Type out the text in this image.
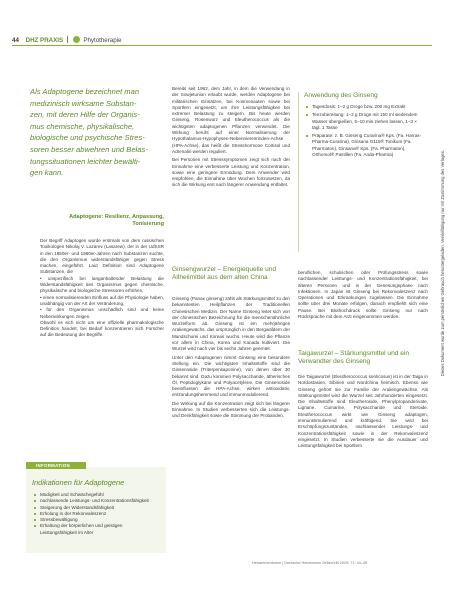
44 DHZ PRAXIS	Phytotherapie

Als Adaptogene bezeichnet man

medizinisch wirksame Substan-

zen, mit deren Hilfe der Organis-

mus chemische, physikalische,

biologische und psychische Stres-

soren besser abwehren und Belas-

tungssituationen leichter bewälti-

gen kann.

Adaptogene: Resilienz, Anpassung, Tonisierung

Der Begriff Adaptogen wurde erstmals von dem russischen Toxikologen Nikolaj V. Lazarev (Lasarew), der in der UdSSR in den 1950er- und 1960er-Jahren nach Substanzen suchte, die den Organismus widerstandsfähiger gegen Stress machen, eingeführt. Laut Definition sind Adaptogene Substanzen, die

• unspezifisch bei langanhaltender Belastung die Widerstandsfähigkeit des Organismus gegen chemische, physikalische und biologische Stressoren erhöhen,

• einen normalisierenden Einfluss auf die Physiologie haben, unabhängig von der Art der Veränderung,

• für den Organismus unschädlich sind und keine Nebenwirkungen zeigen.

Obwohl es sich nicht um eine offizielle pharmakologische Definition handelt, bei Bedarf konzentrieren sich Forscher auf die Bedeutung der Begriffe.

INFORMATION
Indikationen für Adaptogene
Müdigkeit und Schwächegefühl
nachlassende Leistungs- und Konzentrationsfähigkeit
Steigerung der Widerstandsfähigkeit
Erholung in der Rekonvaleszenz
Stressbewältigung
Erhaltung der körperlichen und geistigen Leistungsfähigkeit im Alter

Bereits seit 1962, dem Jahr, in dem die Verwendung in der Sowjetunion erlaubt wurde, werden Adaptogene bei militärischen Einsätzen, bei Kosmonauten sowie bei Sportlern eingesetzt, um ihre Leistungsfähigkeit bei extremer Belastung zu steigern. Bis heute werden Ginseng, Rosenwurz und Eleutherococcus als die wichtigsten adaptogenen Pflanzen verwendet. Die Wirkung beruht auf einer Normalisierung der Hypothalamus-Hypophysen-Nebennierenrinden-Achse (HPA-Achse), das heißt die Stresshormone Cortisol und Adrenalin werden reguliert.

Bei Personen mit Stresssymptomen zeigt sich nach der Einnahme eine verbesserte Leistung und Konzentration, sowie eine geringere Ermüdung. Dem Anwender wird empfohlen, die Einnahme über Wochen fortzusetzen, da sich die Wirkung erst nach längerer Anwendung entfaltet.

Ginsengwurzel – Energiequelle und Allheilmittel aus dem alten China

Ginseng (Panax ginseng) zählt als Stärkungsmittel zu den bekanntesten Heilpflanzen der Traditionellen Chinesischen Medizin. Der Name Ginseng leitet sich von der chinesischen Bezeichnung für die menschenähnliche Wurzelform ab. Ginseng ist ein mehrjähriges Araliengewächs, das ursprünglich in den Bergwäldern der Mandschurei und Koreas wuchs. Heute wird die Pflanze vor allem in China, Korea und Kanada kultiviert. Die Wurzel wird nach vier bis sechs Jahren geerntet.

Unter den Adaptogenen nimmt Ginseng eine besondere Stellung ein. Die wichtigsten Inhaltsstoffe sind die Ginsenoside (Triterpensaponine), von denen über 30 bekannt sind. Dazu kommen Polysaccharide, ätherisches Öl, Peptidoglykane und Polyacetylene. Die Ginsenoside beeinflussen die HPA-Achse, wirken antioxidativ, entzündungshemmend und immunmodulierend.

Die Wirkung auf die Konzentration zeigt sich bei längerer Einnahme. In Studien verbesserten sich die Leistungs- und Denkfähigkeit sowie die Stimmung der Probanden.

Anwendung des Ginseng
Tagesdosis: 1–2 g Droge bzw. 200 mg Extrakt
Teezubereitung: 1–2 g Droge mit 150 ml siedendem Wasser übergießen, 5–10 min ziehen lassen, 1–3 × tägl. 1 Tasse
Präparate: z. B. Ginseng Curarina® Kps. (Fa. Harras-Pharma-Curarina), Ginsana G115® Tonikum (Fa. Pharmaton), Ginsana® Kps. (Fa. Pharmaton), Orthomol® Pastillen (Fa. Anda-Pharma)

beruflichen, schulischen oder Prüfungsstress sowie nachlassender Leistungs- und Konzentrationsfähigkeit, bei älteren Personen und in der Genesungsphase nach Infektionen. In Japan ist Ginseng bei Rekonvaleszenz nach Operationen und Erkrankungen zugelassen. Die Einnahme sollte über drei Monate erfolgen, danach empfiehlt sich eine Pause. Bei Bluthochdruck sollte Ginseng nur nach Rücksprache mit dem Arzt eingenommen werden.

Taigawurzel – Stärkungsmittel und ein Verwandter des Ginseng

Die Taigawurzel (Eleutherococcus senticosus) ist in der Taiga in Nordostasien, Sibirien und Nordchina heimisch. Ebenso wie Ginseng gehört sie zur Familie der Araliengewächse. Als Stärkungsmittel wird die Wurzel seit Jahrhunderten eingesetzt. Die Inhaltsstoffe sind Eleutheroside, Phenylpropanderivate, Lignane, Cumarine, Polysaccharide und Steroide. Eleutherococcus wirkt wie Ginseng adaptogen, immunstimulierend und kräftigend. Sie wird bei Erschöpfungszuständen, nachlassender Leistungs- und Konzentrationsfähigkeit sowie in der Rekonvaleszenz eingesetzt. In Studien verbesserte sie die Ausdauer und Leistungsfähigkeit bei Sportlern.

Hebammenforum | Deutsche Hebammen Zeitschrift 2019; 71: 44–49
Dieses Dokument wurde zum persönlichen Gebrauch heruntergeladen. Vervielfältigung nur mit Zustimmung des Verlages.
